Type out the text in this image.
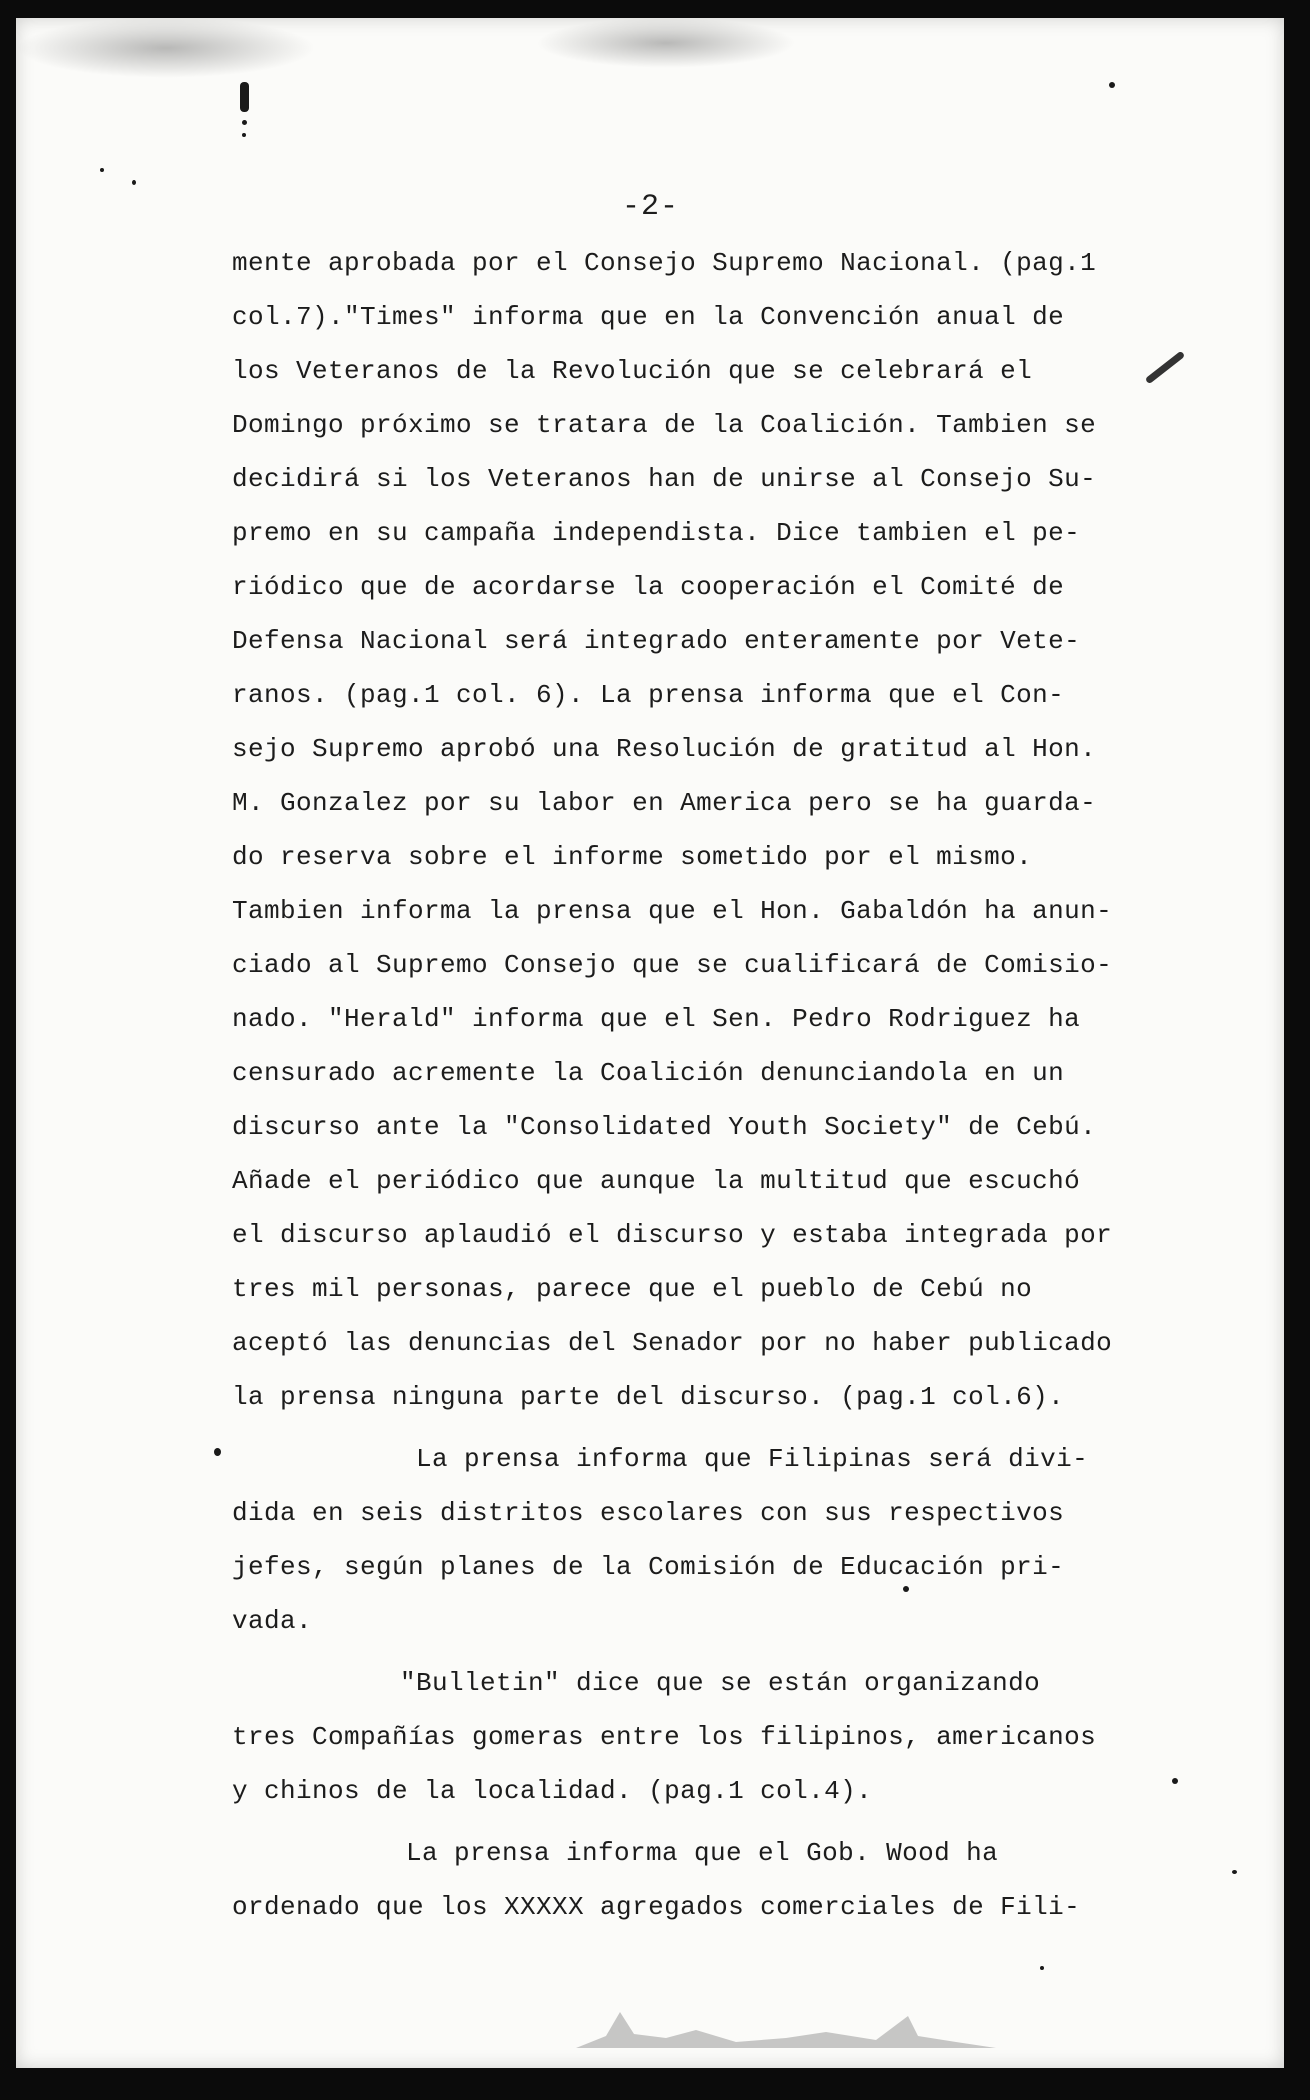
-2-
mente aprobada por el Consejo Supremo Nacional. (pag.1
col.7)."Times" informa que en la Convención anual de
los Veteranos de la Revolución que se celebrará el
Domingo próximo se tratara de la Coalición. Tambien se
decidirá si los Veteranos han de unirse al Consejo Su-
premo en su campaña independista. Dice tambien el pe-
riódico que de acordarse la cooperación el Comité de
Defensa Nacional será integrado enteramente por Vete-
ranos. (pag.1 col. 6). La prensa informa que el Con-
sejo Supremo aprobó una Resolución de gratitud al Hon.
M. Gonzalez por su labor en America pero se ha guarda-
do reserva sobre el informe sometido por el mismo.
Tambien informa la prensa que el Hon. Gabaldón ha anun-
ciado al Supremo Consejo que se cualificará de Comisio-
nado. "Herald" informa que el Sen. Pedro Rodriguez ha
censurado acremente la Coalición denunciandola en un
discurso ante la "Consolidated Youth Society" de Cebú.
Añade el periódico que aunque la multitud que escuchó
el discurso aplaudió el discurso y estaba integrada por
tres mil personas, parece que el pueblo de Cebú no
aceptó las denuncias del Senador por no haber publicado
la prensa ninguna parte del discurso. (pag.1 col.6).
La prensa informa que Filipinas será divi-
dida en seis distritos escolares con sus respectivos
jefes, según planes de la Comisión de Educación pri-
vada.
"Bulletin" dice que se están organizando
tres Compañías gomeras entre los filipinos, americanos
y chinos de la localidad. (pag.1 col.4).
La prensa informa que el Gob. Wood ha
ordenado que los XXXXX agregados comerciales de Fili-
